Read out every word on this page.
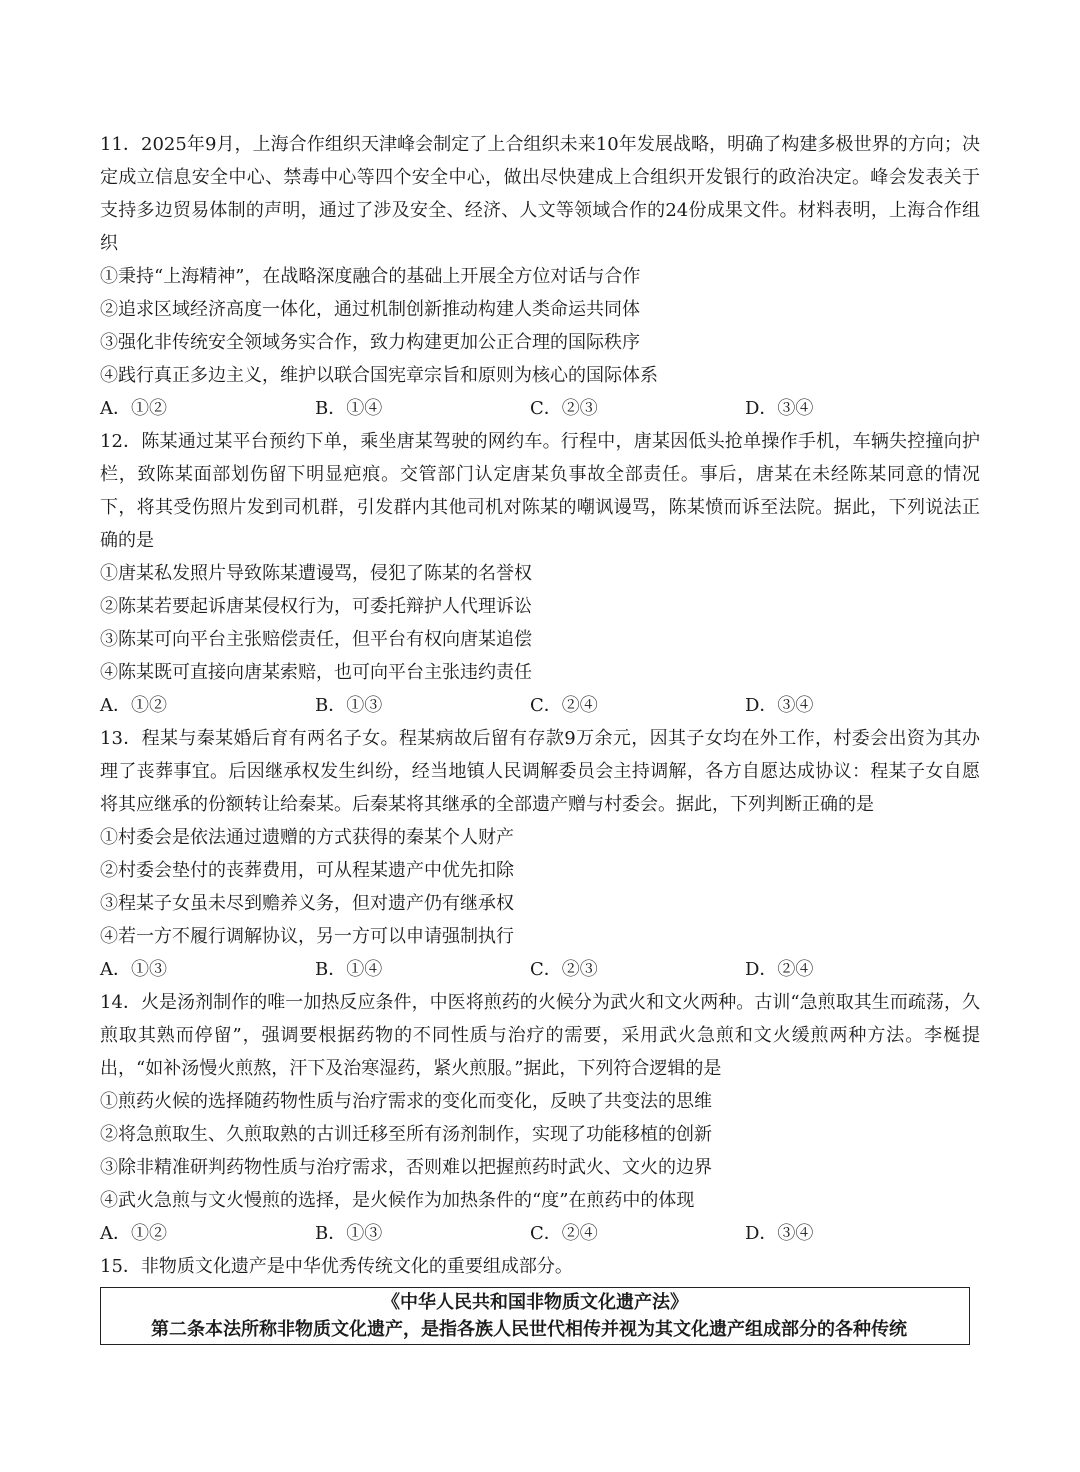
11．2025年9月，上海合作组织天津峰会制定了上合组织未来10年发展战略，明确了构建多极世界的方向；决定成立信息安全中心、禁毒中心等四个安全中心，做出尽快建成上合组织开发银行的政治决定。峰会发表关于支持多边贸易体制的声明，通过了涉及安全、经济、人文等领域合作的24份成果文件。材料表明，上海合作组织

①秉持“上海精神”，在战略深度融合的基础上开展全方位对话与合作

②追求区域经济高度一体化，通过机制创新推动构建人类命运共同体

③强化非传统安全领域务实合作，致力构建更加公正合理的国际秩序

④践行真正多边主义，维护以联合国宪章宗旨和原则为核心的国际体系

A．①②	B．①④	C．②③	D．③④

12．陈某通过某平台预约下单，乘坐唐某驾驶的网约车。行程中，唐某因低头抢单操作手机，车辆失控撞向护栏，致陈某面部划伤留下明显疤痕。交管部门认定唐某负事故全部责任。事后，唐某在未经陈某同意的情况下，将其受伤照片发到司机群，引发群内其他司机对陈某的嘲讽谩骂，陈某愤而诉至法院。据此，下列说法正确的是

①唐某私发照片导致陈某遭谩骂，侵犯了陈某的名誉权

②陈某若要起诉唐某侵权行为，可委托辩护人代理诉讼

③陈某可向平台主张赔偿责任，但平台有权向唐某追偿

④陈某既可直接向唐某索赔，也可向平台主张违约责任

A．①②	B．①③	C．②④	D．③④

13．程某与秦某婚后育有两名子女。程某病故后留有存款9万余元，因其子女均在外工作，村委会出资为其办理了丧葬事宜。后因继承权发生纠纷，经当地镇人民调解委员会主持调解，各方自愿达成协议：程某子女自愿将其应继承的份额转让给秦某。后秦某将其继承的全部遗产赠与村委会。据此，下列判断正确的是

①村委会是依法通过遗赠的方式获得的秦某个人财产

②村委会垫付的丧葬费用，可从程某遗产中优先扣除

③程某子女虽未尽到赡养义务，但对遗产仍有继承权

④若一方不履行调解协议，另一方可以申请强制执行

A．①③	B．①④	C．②③	D．②④

14．火是汤剂制作的唯一加热反应条件，中医将煎药的火候分为武火和文火两种。古训“急煎取其生而疏荡，久煎取其熟而停留”，强调要根据药物的不同性质与治疗的需要，采用武火急煎和文火缓煎两种方法。李梴提出，“如补汤慢火煎熬，汗下及治寒湿药，紧火煎服。”据此，下列符合逻辑的是

①煎药火候的选择随药物性质与治疗需求的变化而变化，反映了共变法的思维

②将急煎取生、久煎取熟的古训迁移至所有汤剂制作，实现了功能移植的创新

③除非精准研判药物性质与治疗需求，否则难以把握煎药时武火、文火的边界

④武火急煎与文火慢煎的选择，是火候作为加热条件的“度”在煎药中的体现

A．①②	B．①③	C．②④	D．③④

15．非物质文化遗产是中华优秀传统文化的重要组成部分。

《中华人民共和国非物质文化遗产法》
第二条本法所称非物质文化遗产，是指各族人民世代相传并视为其文化遗产组成部分的各种传统
